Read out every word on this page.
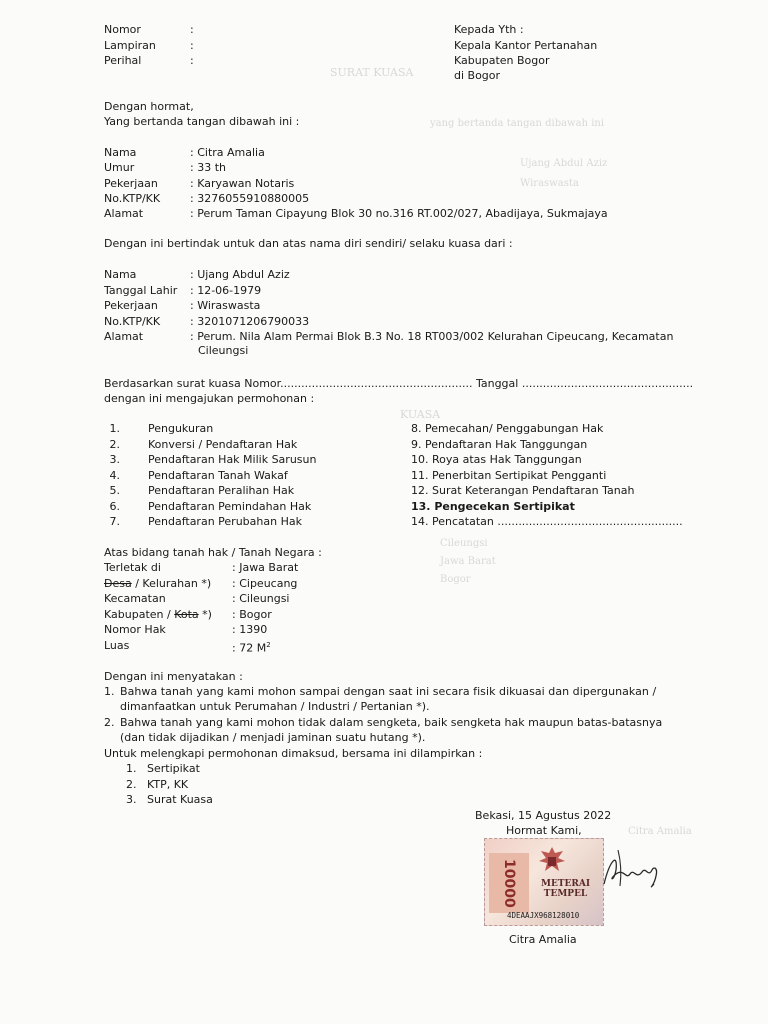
SURAT KUASA
yang bertanda tangan dibawah ini
Ujang Abdul Aziz
Wiraswasta
KUASA
Cileungsi
Jawa Barat
Bogor
Citra Amalia
Nomor	:
Lampiran	:
Perihal	:
Kepada Yth :
Kepala Kantor Pertanahan
Kabupaten Bogor
di Bogor
Dengan hormat,
Yang bertanda tangan dibawah ini :
Nama	: Citra Amalia
Umur	: 33 th
Pekerjaan	: Karyawan Notaris
No.KTP/KK	: 3276055910880005
Alamat	: Perum Taman Cipayung Blok 30 no.316 RT.002/027, Abadijaya, Sukmajaya
Dengan ini bertindak untuk dan atas nama diri sendiri/ selaku kuasa dari :
Nama	: Ujang Abdul Aziz
Tanggal Lahir : 12-06-1979
Pekerjaan	: Wiraswasta
No.KTP/KK	: 3201071206790033
Alamat	: Perum. Nila Alam Permai Blok B.3 No. 18 RT003/002 Kelurahan Cipeucang, Kecamatan
Cileungsi
Berdasarkan surat kuasa Nomor....................................................... Tanggal .................................................
dengan ini mengajukan permohonan :
1.	Pengukuran
2.	Konversi / Pendaftaran Hak
3.	Pendaftaran Hak Milik Sarusun
4.	Pendaftaran Tanah Wakaf
5.	Pendaftaran Peralihan Hak
6.	Pendaftaran Pemindahan Hak
7.	Pendaftaran Perubahan Hak
8. Pemecahan/ Penggabungan Hak
9. Pendaftaran Hak Tanggungan
10. Roya atas Hak Tanggungan
11. Penerbitan Sertipikat Pengganti
12. Surat Keterangan Pendaftaran Tanah
13. Pengecekan Sertipikat
14. Pencatatan .....................................................
Atas bidang tanah hak / Tanah Negara :
Terletak di	: Jawa Barat
Desa / Kelurahan *) : Cipeucang
Kecamatan	: Cileungsi
Kabupaten / Kota *) : Bogor
Nomor Hak	: 1390
Luas	: 72 $M^2$
Dengan ini menyatakan :
1. Bahwa tanah yang kami mohon sampai dengan saat ini secara fisik dikuasai dan dipergunakan /
dimanfaatkan untuk Perumahan / Industri / Pertanian *).
2. Bahwa tanah yang kami mohon tidak dalam sengketa, baik sengketa hak maupun batas-batasnya
(dan tidak dijadikan / menjadi jaminan suatu hutang *).
Untuk melengkapi permohonan dimaksud, bersama ini dilampirkan :
1. Sertipikat
2. KTP, KK
3. Surat Kuasa
Bekasi, 15 Agustus 2022
Hormat Kami,
10000	METERAI
TEMPEL
4DEAAJX968128010
Citra Amalia
